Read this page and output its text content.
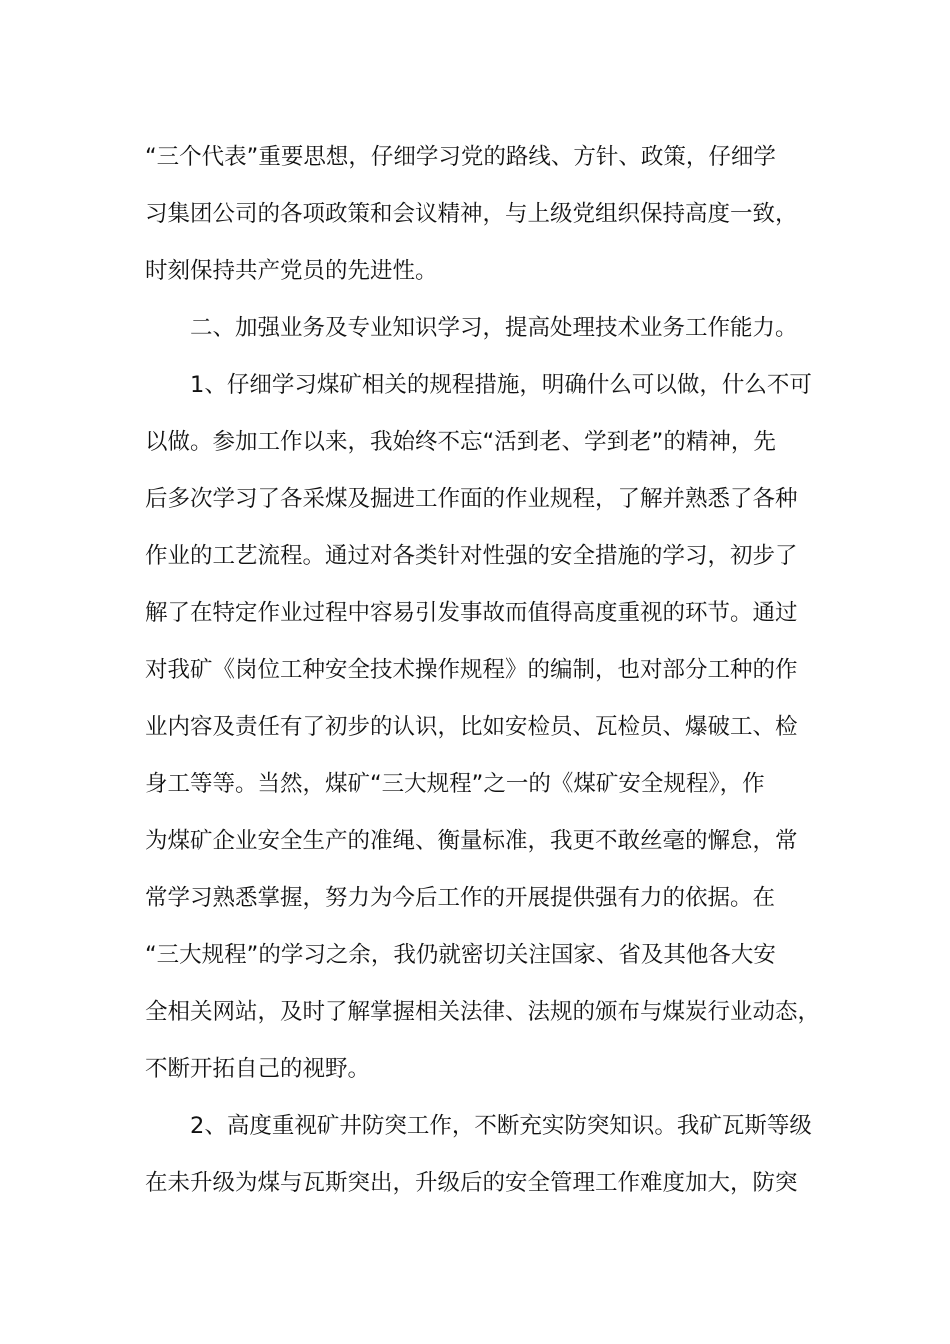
“三个代表”重要思想，仔细学习党的路线、方针、政策，仔细学
习集团公司的各项政策和会议精神，与上级党组织保持高度一致，
时刻保持共产党员的先进性。
二、加强业务及专业知识学习，提高处理技术业务工作能力。
1、仔细学习煤矿相关的规程措施，明确什么可以做，什么不可
以做。参加工作以来，我始终不忘“活到老、学到老”的精神，先
后多次学习了各采煤及掘进工作面的作业规程，了解并熟悉了各种
作业的工艺流程。通过对各类针对性强的安全措施的学习，初步了
解了在特定作业过程中容易引发事故而值得高度重视的环节。通过
对我矿《岗位工种安全技术操作规程》的编制，也对部分工种的作
业内容及责任有了初步的认识，比如安检员、瓦检员、爆破工、检
身工等等。当然，煤矿“三大规程”之一的《煤矿安全规程》，作
为煤矿企业安全生产的准绳、衡量标准，我更不敢丝毫的懈怠，常
常学习熟悉掌握，努力为今后工作的开展提供强有力的依据。在
“三大规程”的学习之余，我仍就密切关注国家、省及其他各大安
全相关网站，及时了解掌握相关法律、法规的颁布与煤炭行业动态，
不断开拓自己的视野。
2、高度重视矿井防突工作，不断充实防突知识。我矿瓦斯等级
在未升级为煤与瓦斯突出，升级后的安全管理工作难度加大，防突
